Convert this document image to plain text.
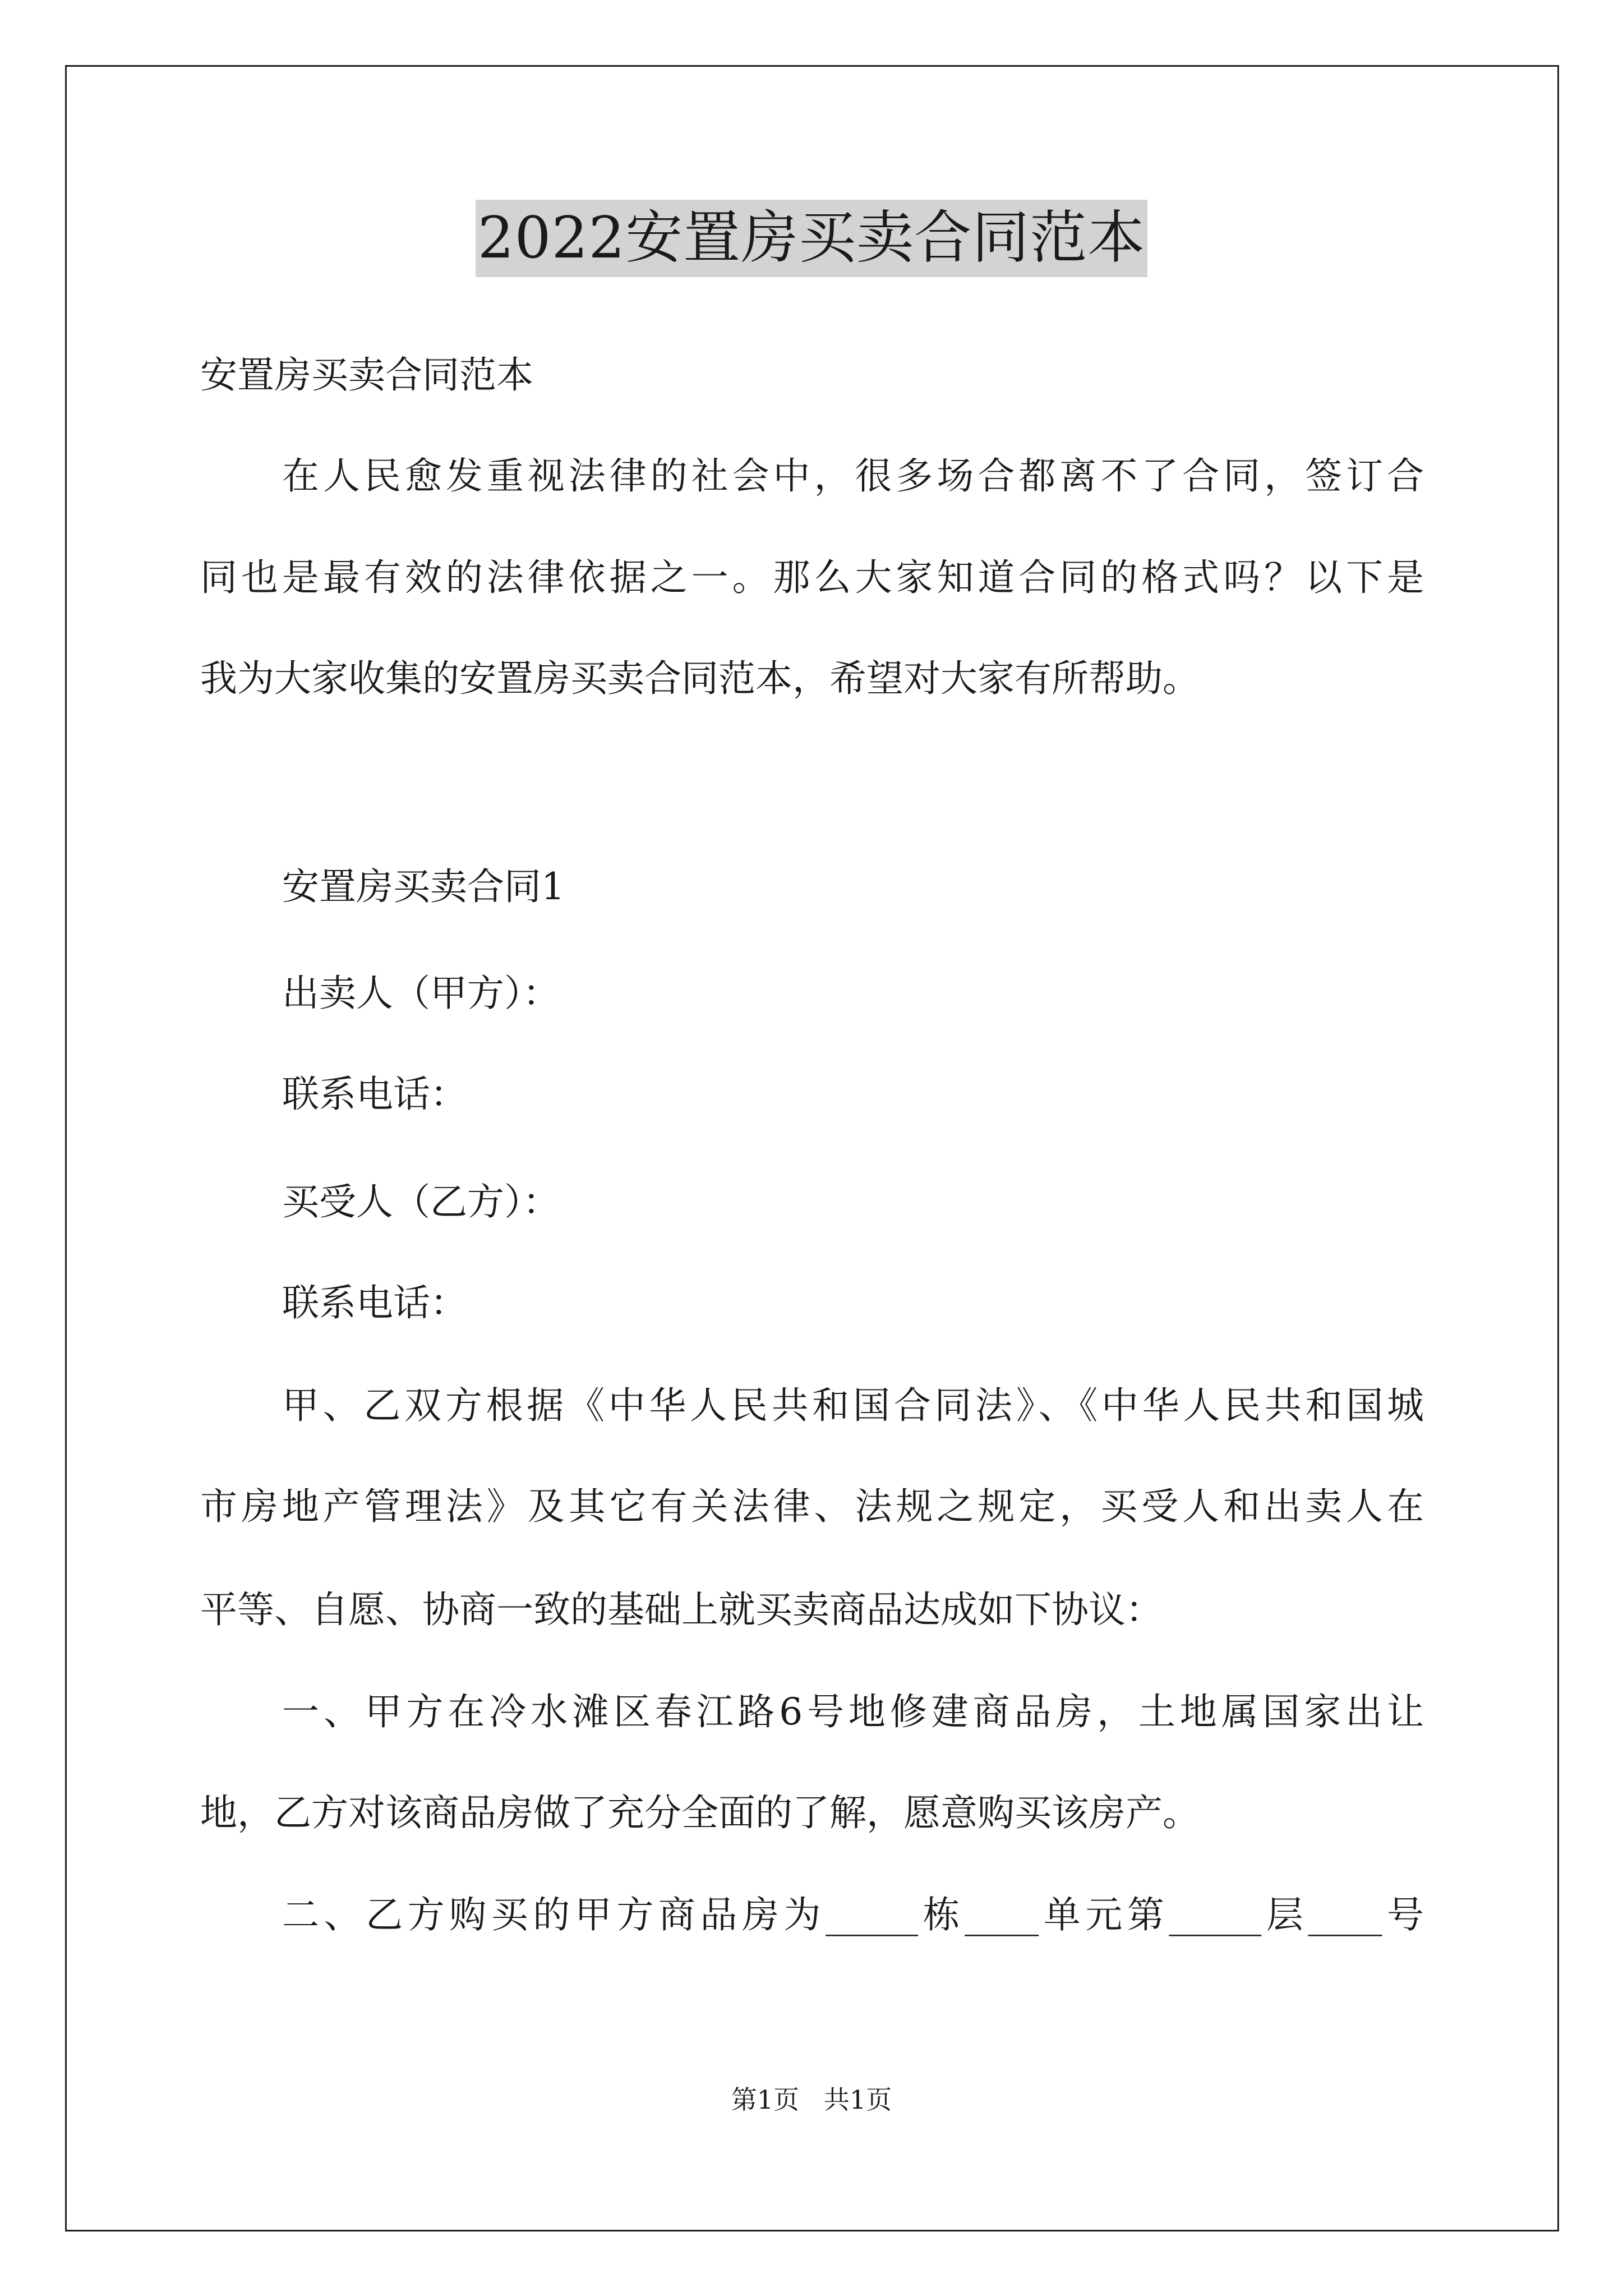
2022安置房买卖合同范本
安置房买卖合同范本
在人民愈发重视法律的社会中，很多场合都离不了合同，签订合
同也是最有效的法律依据之一。那么大家知道合同的格式吗？以下是
我为大家收集的安置房买卖合同范本，希望对大家有所帮助。
安置房买卖合同1
出卖人（甲方）：
联系电话：
买受人（乙方）：
联系电话：
甲、乙双方根据《中华人民共和国合同法》、《中华人民共和国城
市房地产管理法》及其它有关法律、法规之规定，买受人和出卖人在
平等、自愿、协商一致的基础上就买卖商品达成如下协议：
一、甲方在冷水滩区春江路6号地修建商品房，土地属国家出让
地，乙方对该商品房做了充分全面的了解，愿意购买该房产。
二、乙方购买的甲方商品房为_____栋____单元第_____层____号
第1页   共1页
